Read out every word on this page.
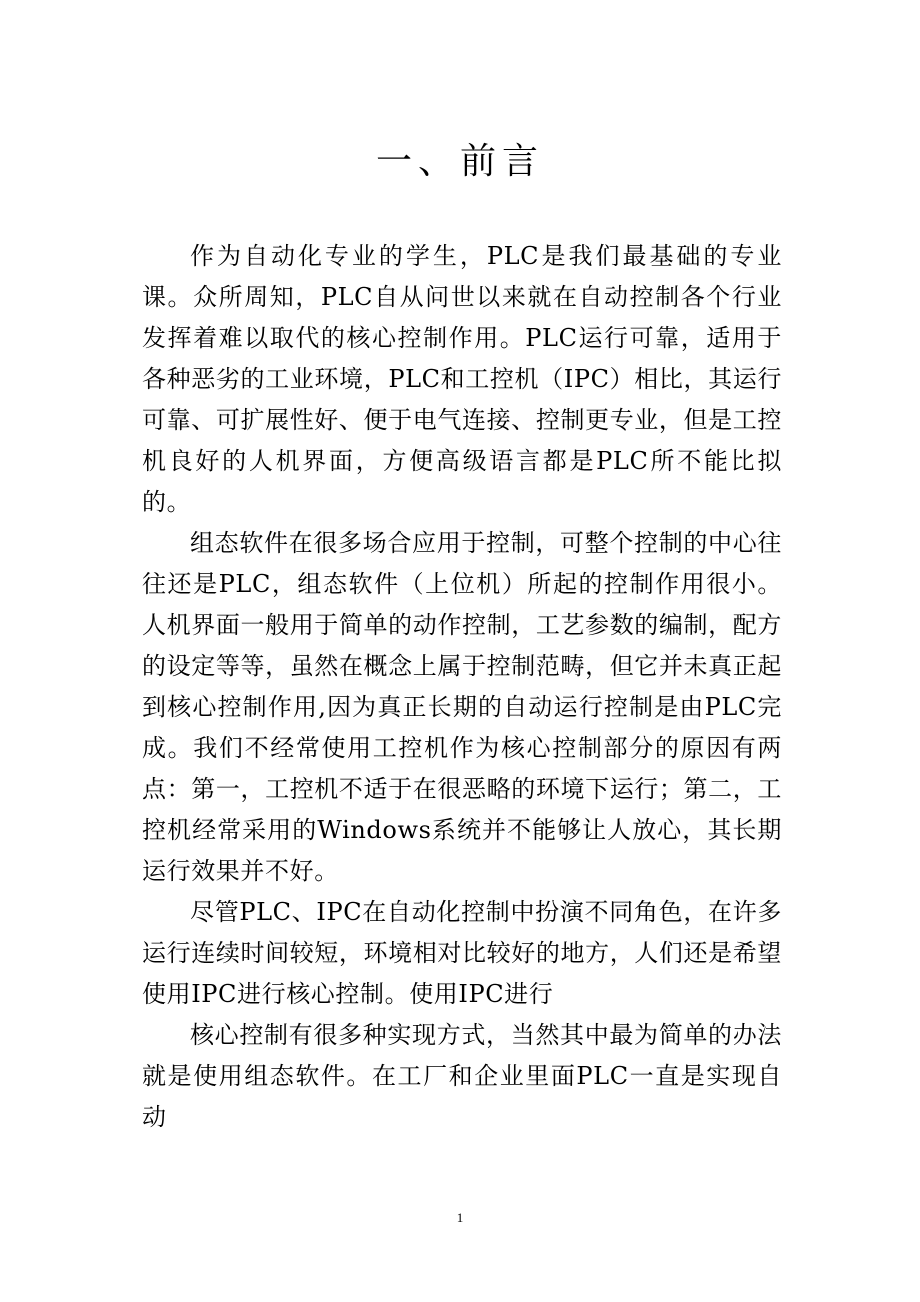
一、前言

作为自动化专业的学生，PLC是我们最基础的专业课。众所周知，PLC自从问世以来就在自动控制各个行业发挥着难以取代的核心控制作用。PLC运行可靠，适用于各种恶劣的工业环境，PLC和工控机（IPC）相比，其运行可靠、可扩展性好、便于电气连接、控制更专业，但是工控机良好的人机界面，方便高级语言都是PLC所不能比拟的。

组态软件在很多场合应用于控制，可整个控制的中心往往还是PLC，组态软件（上位机）所起的控制作用很小。人机界面一般用于简单的动作控制，工艺参数的编制，配方的设定等等，虽然在概念上属于控制范畴，但它并未真正起到核心控制作用,因为真正长期的自动运行控制是由PLC完成。我们不经常使用工控机作为核心控制部分的原因有两点：第一，工控机不适于在很恶略的环境下运行；第二，工控机经常采用的Windows系统并不能够让人放心，其长期运行效果并不好。

尽管PLC、IPC在自动化控制中扮演不同角色，在许多运行连续时间较短，环境相对比较好的地方，人们还是希望使用IPC进行核心控制。使用IPC进行

核心控制有很多种实现方式，当然其中最为简单的办法就是使用组态软件。在工厂和企业里面PLC一直是实现自动

1
